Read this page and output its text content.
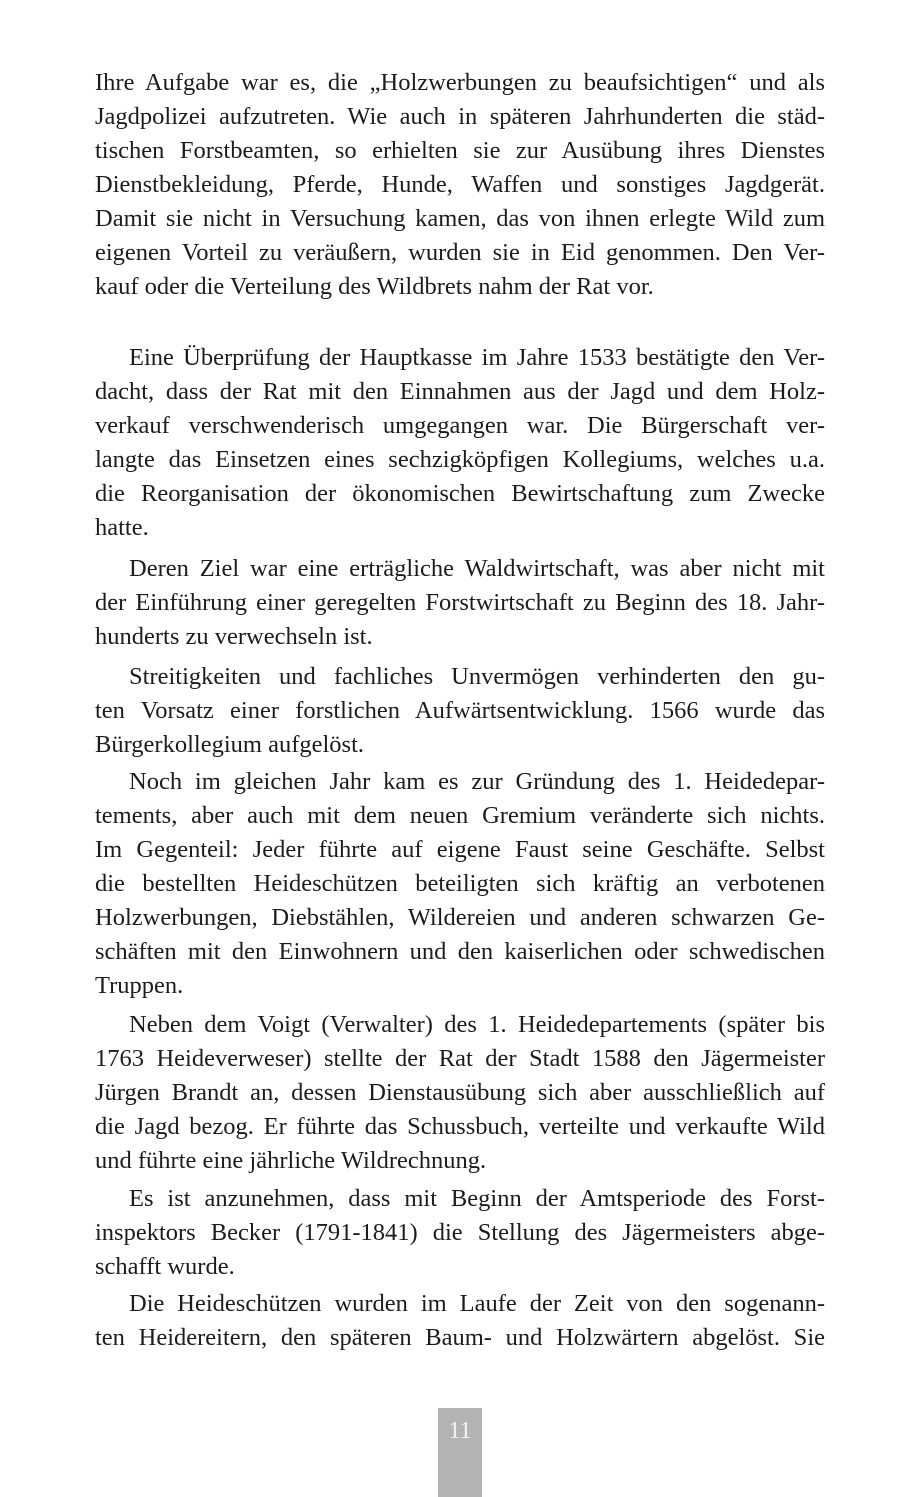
Ihre Aufgabe war es, die „Holzwerbungen zu beaufsichtigen“ und als
Jagdpolizei aufzutreten. Wie auch in späteren Jahrhunderten die städ-
tischen Forstbeamten, so erhielten sie zur Ausübung ihres Dienstes
Dienstbekleidung, Pferde, Hunde, Waffen und sonstiges Jagdgerät.
Damit sie nicht in Versuchung kamen, das von ihnen erlegte Wild zum
eigenen Vorteil zu veräußern, wurden sie in Eid genommen. Den Ver-
kauf oder die Verteilung des Wildbrets nahm der Rat vor.
Eine Überprüfung der Hauptkasse im Jahre 1533 bestätigte den Ver-
dacht, dass der Rat mit den Einnahmen aus der Jagd und dem Holz-
verkauf verschwenderisch umgegangen war. Die Bürgerschaft ver-
langte das Einsetzen eines sechzigköpfigen Kollegiums, welches u.a.
die Reorganisation der ökonomischen Bewirtschaftung zum Zwecke
hatte.
Deren Ziel war eine erträgliche Waldwirtschaft, was aber nicht mit
der Einführung einer geregelten Forstwirtschaft zu Beginn des 18. Jahr-
hunderts zu verwechseln ist.
Streitigkeiten und fachliches Unvermögen verhinderten den gu-
ten Vorsatz einer forstlichen Aufwärtsentwicklung. 1566 wurde das
Bürgerkollegium aufgelöst.
Noch im gleichen Jahr kam es zur Gründung des 1. Heidedepar-
tements, aber auch mit dem neuen Gremium veränderte sich nichts.
Im Gegenteil: Jeder führte auf eigene Faust seine Geschäfte. Selbst
die bestellten Heideschützen beteiligten sich kräftig an verbotenen
Holzwerbungen, Diebstählen, Wildereien und anderen schwarzen Ge-
schäften mit den Einwohnern und den kaiserlichen oder schwedischen
Truppen.
Neben dem Voigt (Verwalter) des 1. Heidedepartements (später bis
1763 Heideverweser) stellte der Rat der Stadt 1588 den Jägermeister
Jürgen Brandt an, dessen Dienstausübung sich aber ausschließlich auf
die Jagd bezog. Er führte das Schussbuch, verteilte und verkaufte Wild
und führte eine jährliche Wildrechnung.
Es ist anzunehmen, dass mit Beginn der Amtsperiode des Forst-
inspektors Becker (1791-1841) die Stellung des Jägermeisters abge-
schafft wurde.
Die Heideschützen wurden im Laufe der Zeit von den sogenann-
ten Heidereitern, den späteren Baum- und Holzwärtern abgelöst. Sie
11
